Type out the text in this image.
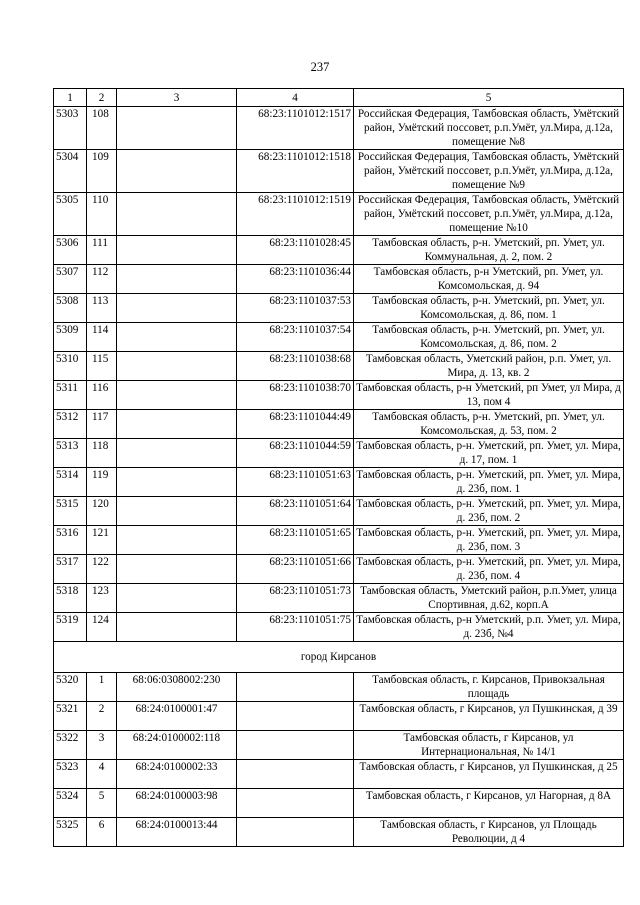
237
1	2	3	4	5
5303	108		68:23:1101012:1517	Российская Федерация, Тамбовская область, Умётский район, Умётский поссовет, р.п.Умёт, ул.Мира, д.12а, помещение №8
5304	109		68:23:1101012:1518	Российская Федерация, Тамбовская область, Умётский район, Умётский поссовет, р.п.Умёт, ул.Мира, д.12а, помещение №9
5305	110		68:23:1101012:1519	Российская Федерация, Тамбовская область, Умётский район, Умётский поссовет, р.п.Умёт, ул.Мира, д.12а, помещение №10
5306	111		68:23:1101028:45	Тамбовская область, р-н. Уметский, рп. Умет, ул. Коммунальная, д. 2, пом. 2
5307	112		68:23:1101036:44	Тамбовская область, р-н Уметский, рп. Умет, ул. Комсомольская, д. 94
5308	113		68:23:1101037:53	Тамбовская область, р-н. Уметский, рп. Умет, ул. Комсомольская, д. 86, пом. 1
5309	114		68:23:1101037:54	Тамбовская область, р-н. Уметский, рп. Умет, ул. Комсомольская, д. 86, пом. 2
5310	115		68:23:1101038:68	Тамбовская область, Уметский район, р.п. Умет, ул. Мира, д. 13, кв. 2
5311	116		68:23:1101038:70	Тамбовская область, р-н Уметский, рп Умет, ул Мира, д 13, пом 4
5312	117		68:23:1101044:49	Тамбовская область, р-н. Уметский, рп. Умет, ул. Комсомольская, д. 53, пом. 2
5313	118		68:23:1101044:59	Тамбовская область, р-н. Уметский, рп. Умет, ул. Мира, д. 17, пом. 1
5314	119		68:23:1101051:63	Тамбовская область, р-н. Уметский, рп. Умет, ул. Мира, д. 23б, пом. 1
5315	120		68:23:1101051:64	Тамбовская область, р-н. Уметский, рп. Умет, ул. Мира, д. 23б, пом. 2
5316	121		68:23:1101051:65	Тамбовская область, р-н. Уметский, рп. Умет, ул. Мира, д. 23б, пом. 3
5317	122		68:23:1101051:66	Тамбовская область, р-н. Уметский, рп. Умет, ул. Мира, д. 23б, пом. 4
5318	123		68:23:1101051:73	Тамбовская область, Уметский район, р.п.Умет, улица Спортивная, д.62, корп.А
5319	124		68:23:1101051:75	Тамбовская область, р-н Уметский, р.п. Умет, ул. Мира, д. 23б, №4
город Кирсанов				
5320	1	68:06:0308002:230		Тамбовская область, г. Кирсанов, Привокзальная площадь
5321	2	68:24:0100001:47		Тамбовская область, г Кирсанов, ул Пушкинская, д 39
5322	3	68:24:0100002:118		Тамбовская область, г Кирсанов, ул Интернациональная, № 14/1
5323	4	68:24:0100002:33		Тамбовская область, г Кирсанов, ул Пушкинская, д 25
5324	5	68:24:0100003:98		Тамбовская область, г Кирсанов, ул Нагорная, д 8А
5325	6	68:24:0100013:44		Тамбовская область, г Кирсанов, ул Площадь Революции, д 4
